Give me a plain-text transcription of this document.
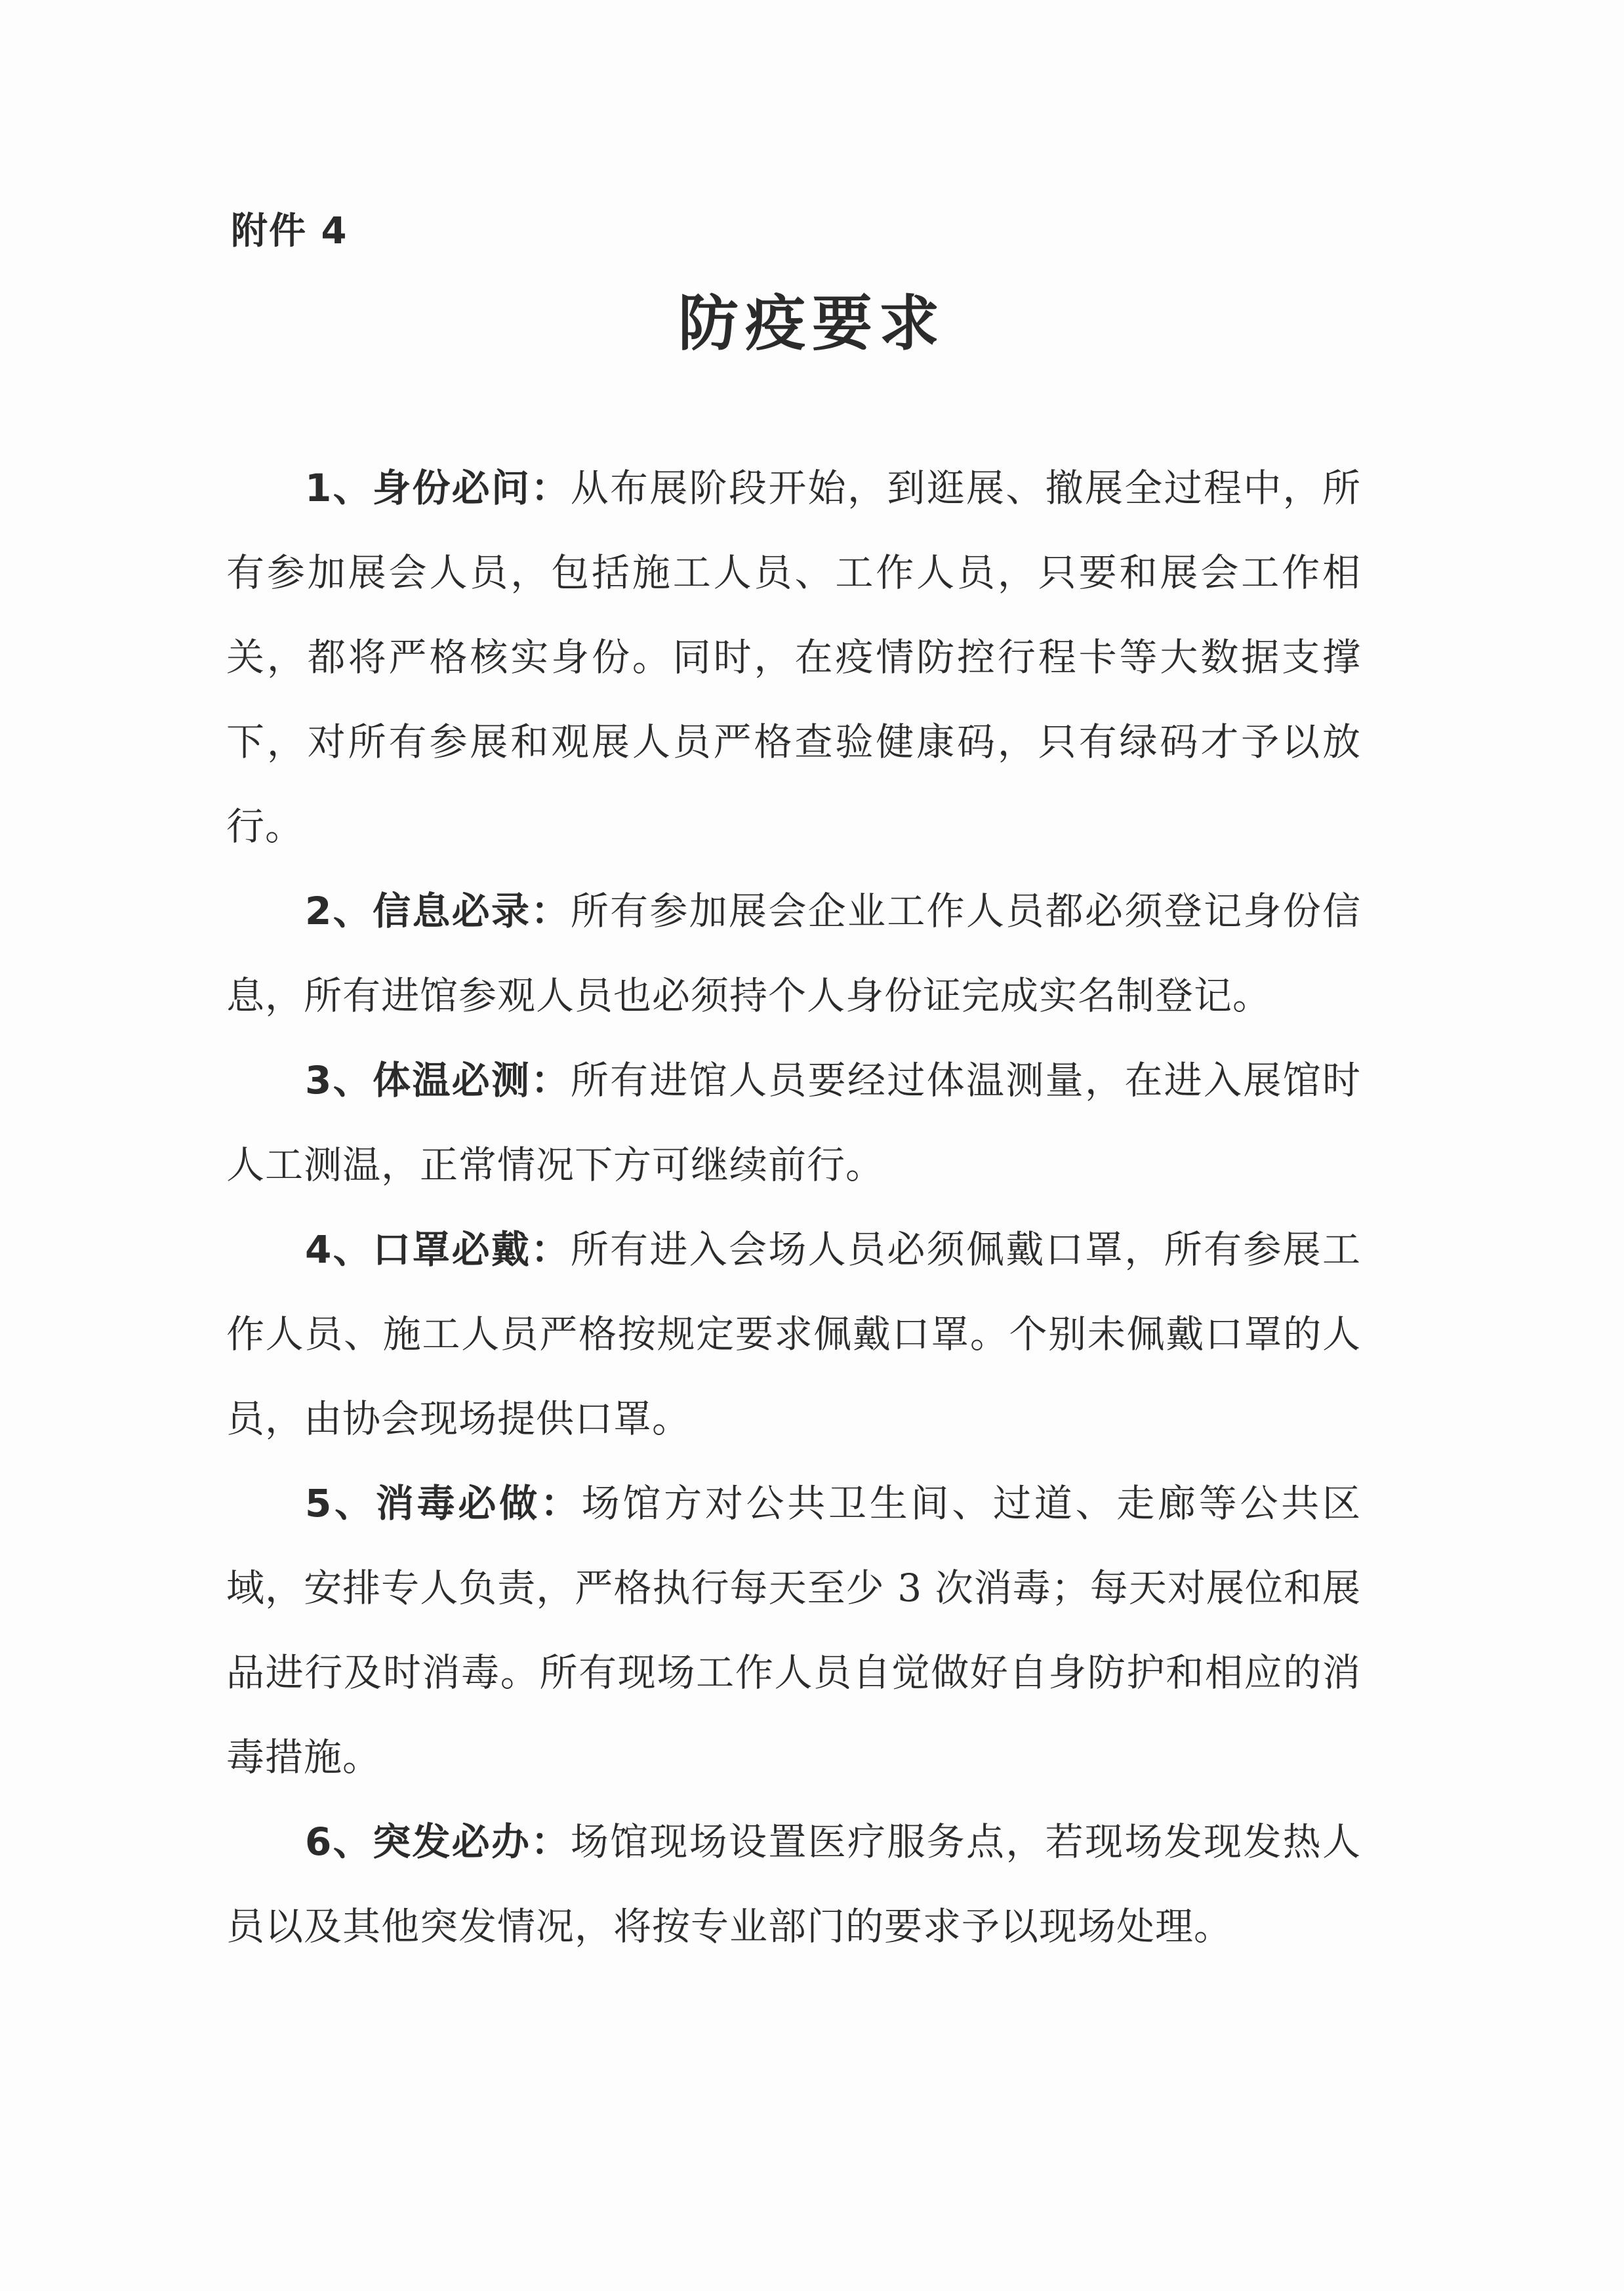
附件 4
防疫要求

1、身份必问：从布展阶段开始，到逛展、撤展全过程中，所有参加展会人员，包括施工人员、工作人员，只要和展会工作相关，都将严格核实身份。同时，在疫情防控行程卡等大数据支撑下，对所有参展和观展人员严格查验健康码，只有绿码才予以放行。

2、信息必录：所有参加展会企业工作人员都必须登记身份信息，所有进馆参观人员也必须持个人身份证完成实名制登记。

3、体温必测：所有进馆人员要经过体温测量，在进入展馆时人工测温，正常情况下方可继续前行。

4、口罩必戴：所有进入会场人员必须佩戴口罩，所有参展工作人员、施工人员严格按规定要求佩戴口罩。个别未佩戴口罩的人员，由协会现场提供口罩。

5、消毒必做：场馆方对公共卫生间、过道、走廊等公共区域，安排专人负责，严格执行每天至少 3 次消毒；每天对展位和展品进行及时消毒。所有现场工作人员自觉做好自身防护和相应的消毒措施。

6、突发必办：场馆现场设置医疗服务点，若现场发现发热人员以及其他突发情况，将按专业部门的要求予以现场处理。
